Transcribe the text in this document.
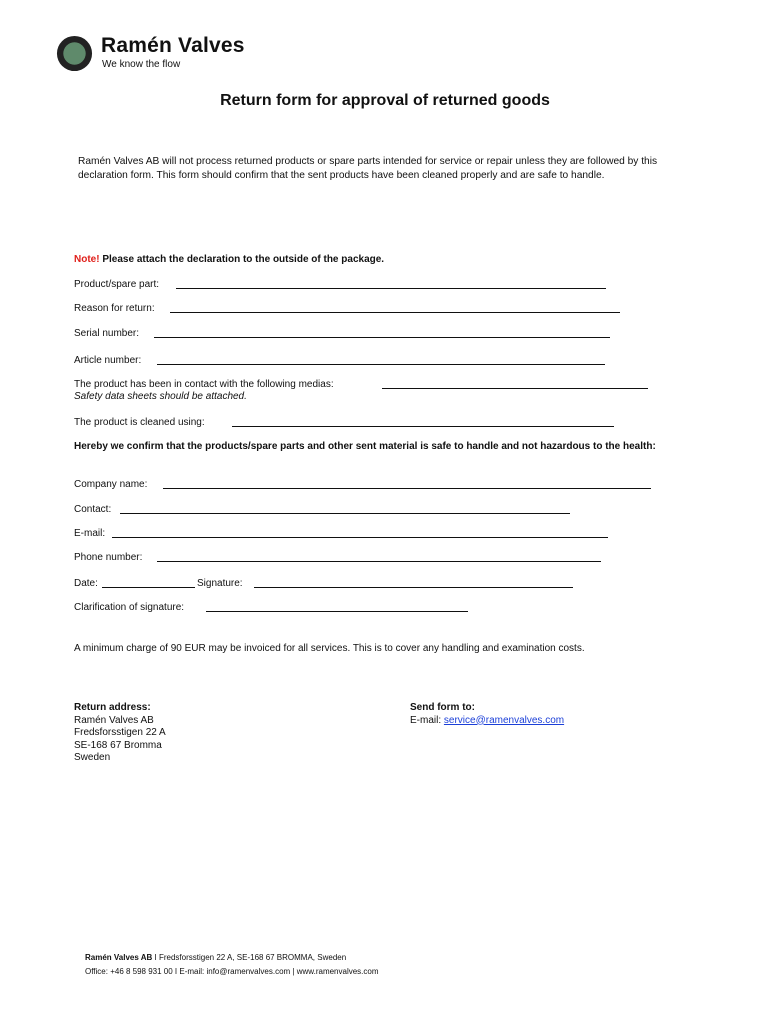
Ramén Valves
We know the flow
Return form for approval of returned goods
Ramén Valves AB will not process returned products or spare parts intended for service or repair unless they are followed by this declaration form. This form should confirm that the sent products have been cleaned properly and are safe to handle.
Note! Please attach the declaration to the outside of the package.
Product/spare part:
Reason for return:
Serial number:
Article number:
The product has been in contact with the following medias:
Safety data sheets should be attached.
The product is cleaned using:
Hereby we confirm that the products/spare parts and other sent material is safe to handle and not hazardous to the health:
Company name:
Contact:
E-mail:
Phone number:
Date:	Signature:
Clarification of signature:
A minimum charge of 90 EUR may be invoiced for all services. This is to cover any handling and examination costs.
Return address:
Ramén Valves AB
Fredsforsstigen 22 A
SE-168 67 Bromma
Sweden
Send form to:
E-mail: service@ramenvalves.com
Ramén Valves AB I Fredsforsstigen 22 A, SE-168 67 BROMMA, Sweden
Office: +46 8 598 931 00 I E-mail: info@ramenvalves.com | www.ramenvalves.com
